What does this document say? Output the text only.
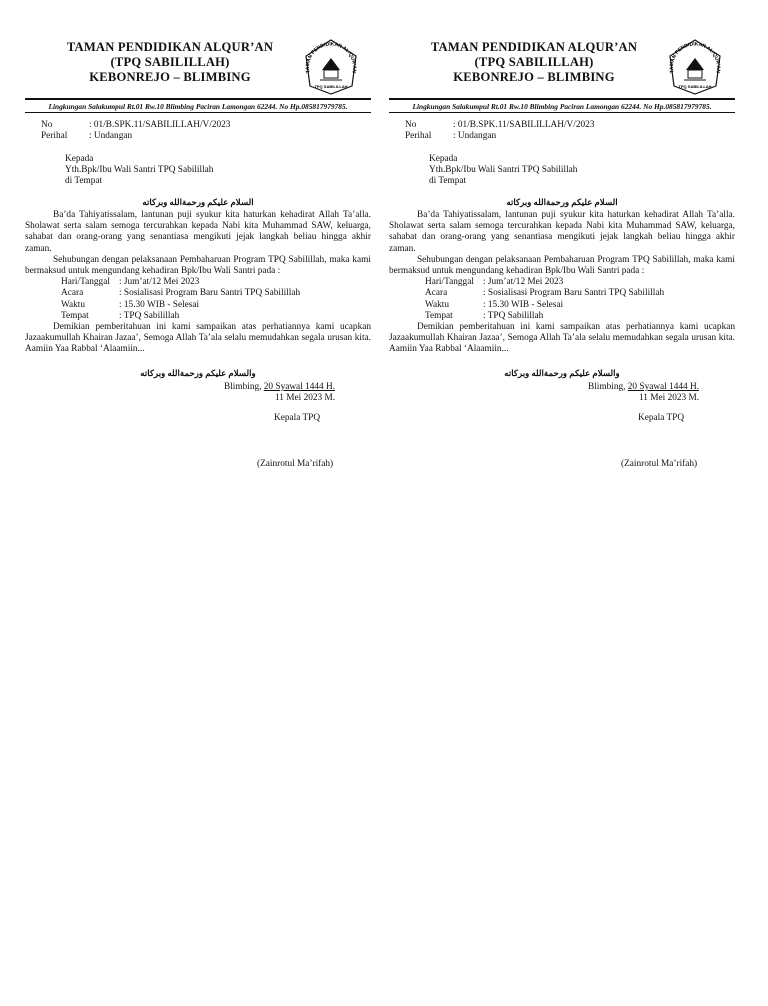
TAMAN PENDIDIKAN ALQUR’AN
(TPQ SABILILLAH)
KEBONREJO – BLIMBING	TAMAN PENDIDIKAN AL-QUR'AN
TPQ SABILILLAH
Lingkungan Salakumpul Rt.01 Rw.10 Blimbing Paciran Lamongan 62244. No Hp.085817979785.
No	: 01/B.SPK.11/SABILILLAH/V/2023
Perihal	: Undangan
Kepada
Yth.Bpk/Ibu Wali Santri TPQ Sabilillah
di Tempat
السلام عليكم ورحمةالله وبركاته

Ba’da Tahiyatissalam, lantunan puji syukur kita haturkan kehadirat Allah Ta’alla. Sholawat serta salam semoga tercurahkan kepada Nabi kita Muhammad SAW, keluarga, sahabat dan orang-orang yang senantiasa mengikuti jejak langkah beliau hingga akhir zaman.

Sehubungan dengan pelaksanaan Pembaharuan Program TPQ Sabilillah, maka kami bermaksud untuk mengundang kehadiran Bpk/Ibu Wali Santri pada :

Hari/Tanggal : Jum’at/12 Mei 2023
Acara	: Sosialisasi Program Baru Santri TPQ Sabilillah
Waktu	: 15.30 WIB - Selesai
Tempat	: TPQ Sabilillah

Demikian pemberitahuan ini kami sampaikan atas perhatiannya kami ucapkan Jazaakumullah Khairan Jazaa’, Semoga Allah Ta’ala selalu memudahkan segala urusan kita. Aamiin Yaa Rabbal ‘Alaamiin...

والسلام عليكم ورحمةالله وبركاته
Blimbing, 20 Syawal 1444 H.
11 Mei 2023 M.
Kepala TPQ
(Zainrotul Ma’rifah)
TAMAN PENDIDIKAN ALQUR’AN
(TPQ SABILILLAH)
KEBONREJO – BLIMBING	TAMAN PENDIDIKAN AL-QUR'AN
TPQ SABILILLAH
Lingkungan Salakumpul Rt.01 Rw.10 Blimbing Paciran Lamongan 62244. No Hp.085817979785.
No	: 01/B.SPK.11/SABILILLAH/V/2023
Perihal	: Undangan
Kepada
Yth.Bpk/Ibu Wali Santri TPQ Sabilillah
di Tempat
السلام عليكم ورحمةالله وبركاته

Ba’da Tahiyatissalam, lantunan puji syukur kita haturkan kehadirat Allah Ta’alla. Sholawat serta salam semoga tercurahkan kepada Nabi kita Muhammad SAW, keluarga, sahabat dan orang-orang yang senantiasa mengikuti jejak langkah beliau hingga akhir zaman.

Sehubungan dengan pelaksanaan Pembaharuan Program TPQ Sabilillah, maka kami bermaksud untuk mengundang kehadiran Bpk/Ibu Wali Santri pada :

Hari/Tanggal : Jum’at/12 Mei 2023
Acara	: Sosialisasi Program Baru Santri TPQ Sabilillah
Waktu	: 15.30 WIB - Selesai
Tempat	: TPQ Sabilillah

Demikian pemberitahuan ini kami sampaikan atas perhatiannya kami ucapkan Jazaakumullah Khairan Jazaa’, Semoga Allah Ta’ala selalu memudahkan segala urusan kita. Aamiin Yaa Rabbal ‘Alaamiin...

والسلام عليكم ورحمةالله وبركاته
Blimbing, 20 Syawal 1444 H.
11 Mei 2023 M.
Kepala TPQ
(Zainrotul Ma’rifah)
